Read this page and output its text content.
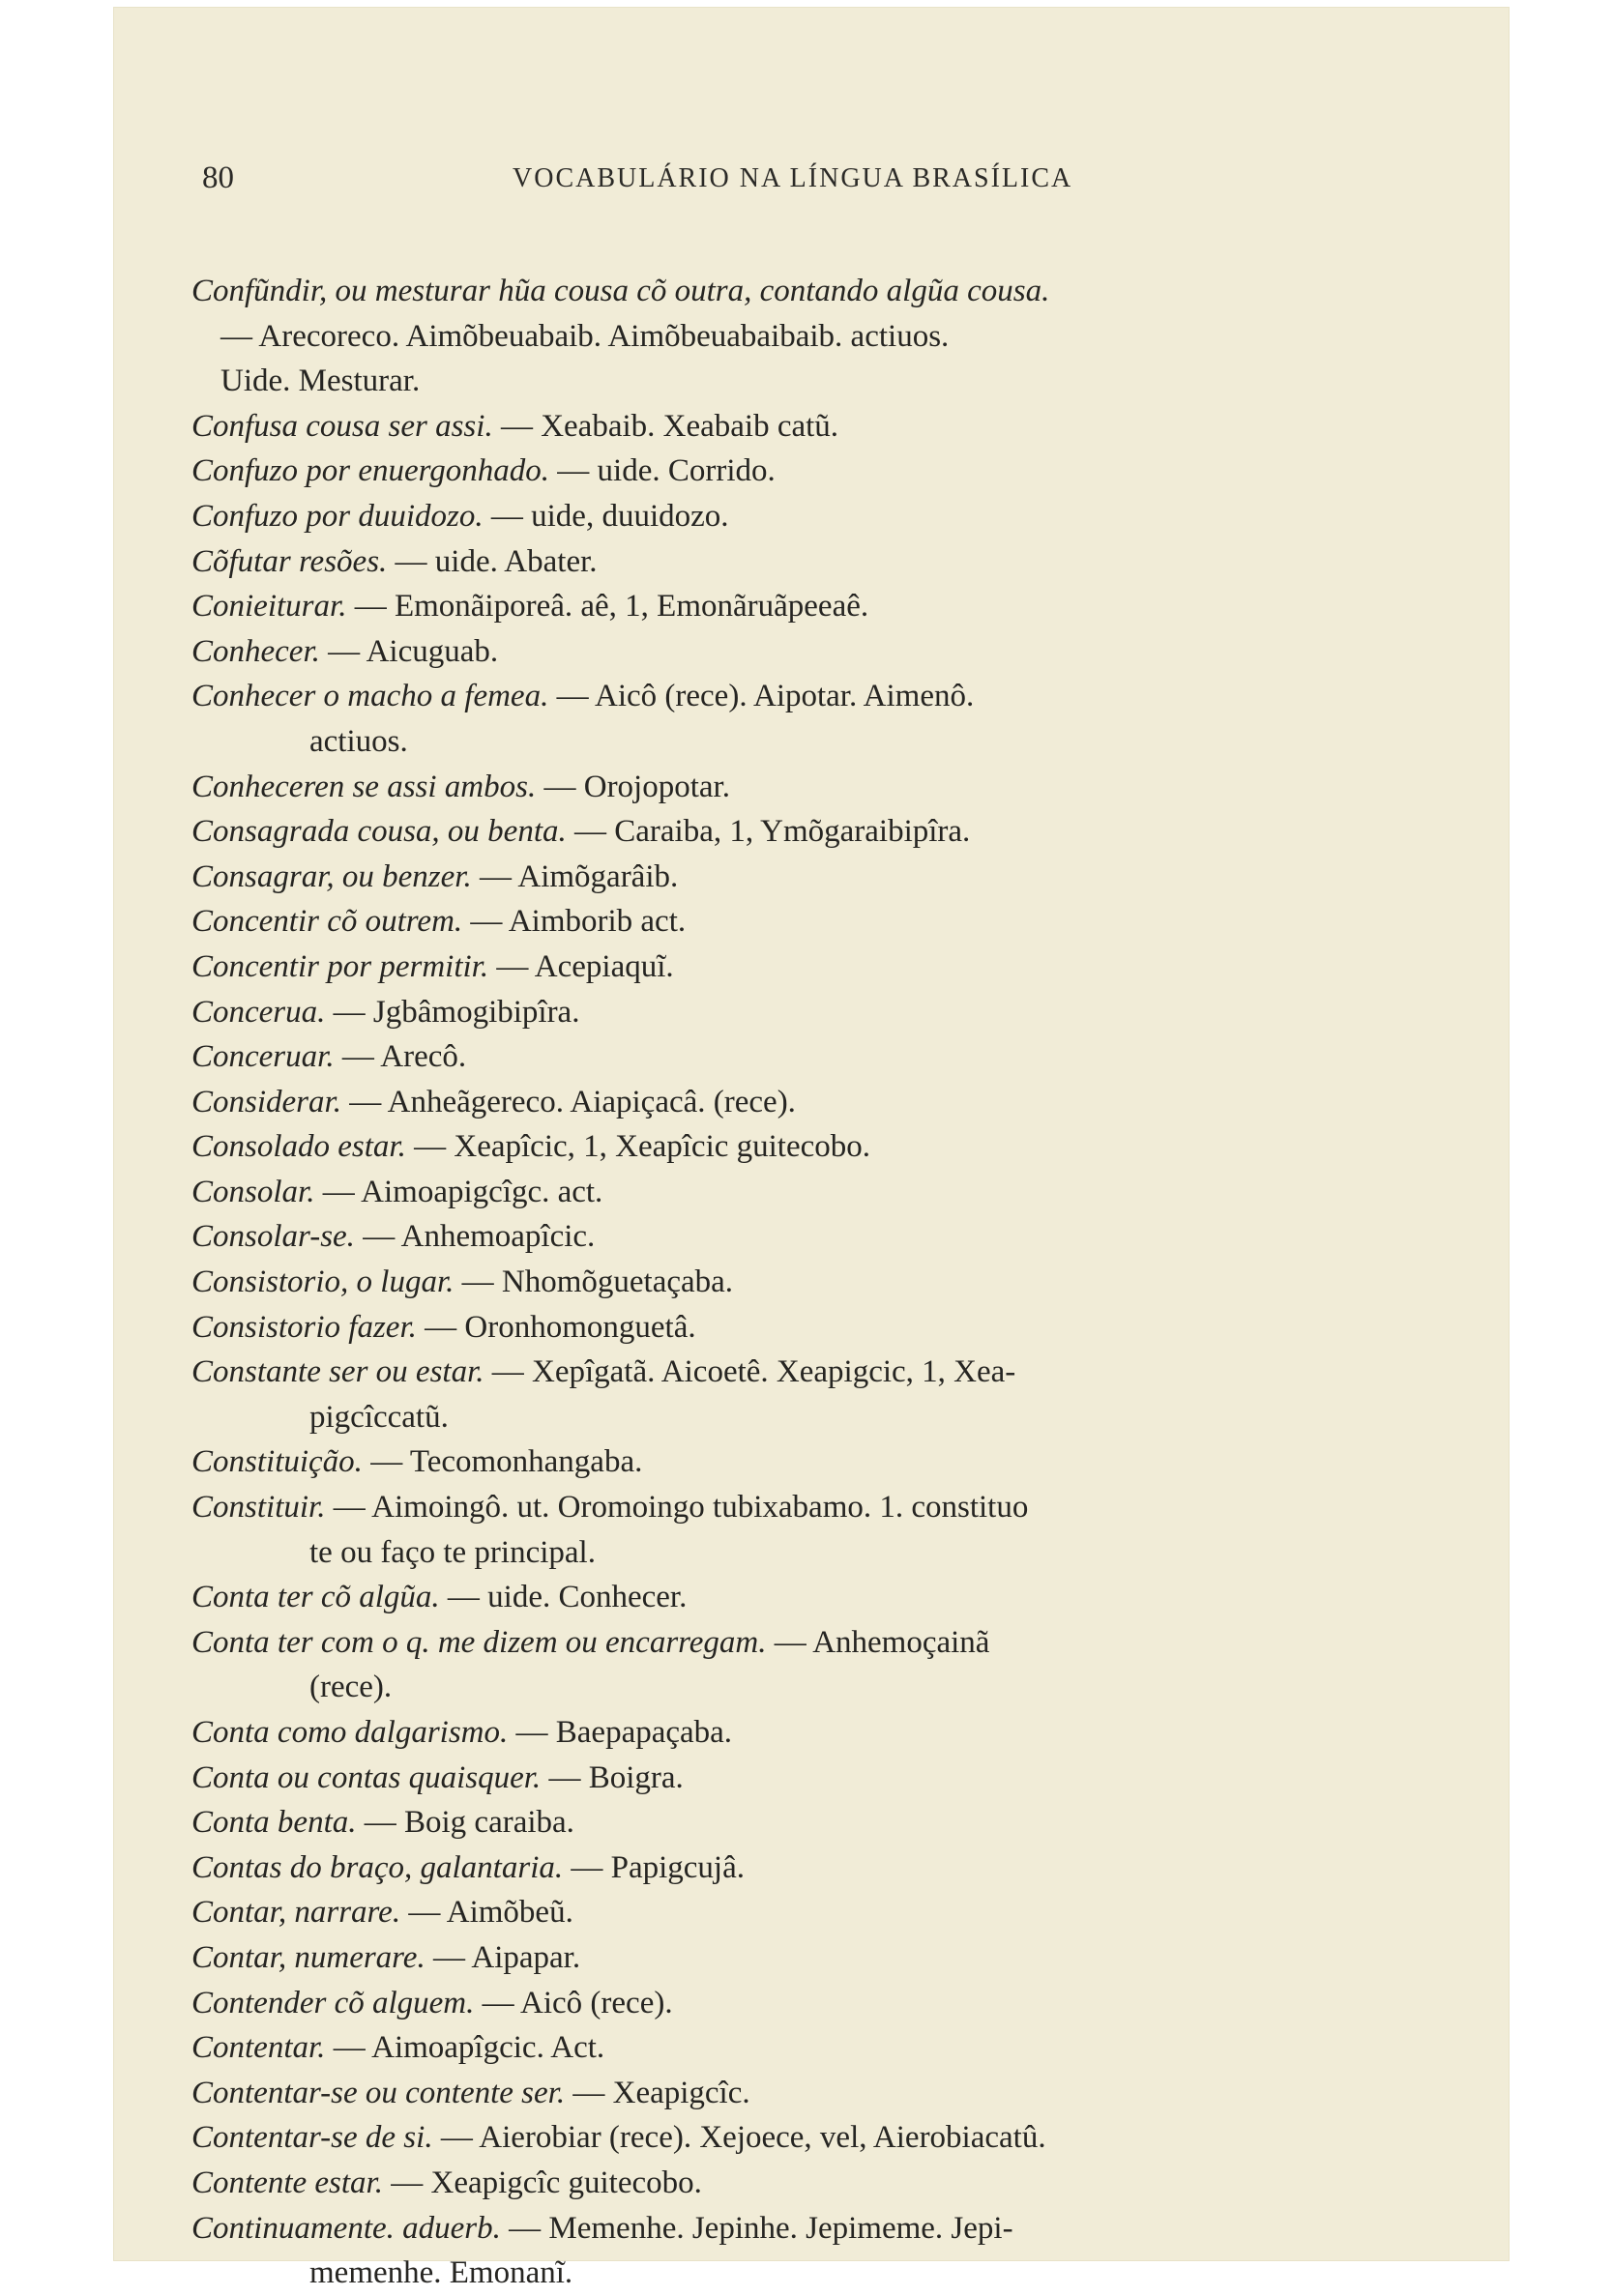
80	VOCABULÁRIO NA LÍNGUA BRASÍLICA
Confũndir, ou mesturar hũa cousa cõ outra, contando algũa cousa.
— Arecoreco. Aimõbeuabaib. Aimõbeuabaibaib. actiuos.
Uide. Mesturar.
Confusa cousa ser assi. — Xeabaib. Xeabaib catũ.
Confuzo por enuergonhado. — uide. Corrido.
Confuzo por duuidozo. — uide, duuidozo.
Cõfutar resões. — uide. Abater.
Conieiturar. — Emonãiporeâ. aê, 1, Emonãruãpeeaê.
Conhecer. — Aicuguab.
Conhecer o macho a femea. — Aicô (rece). Aipotar. Aimenô.
actiuos.
Conheceren se assi ambos. — Orojopotar.
Consagrada cousa, ou benta. — Caraiba, 1, Ymõgaraibipîra.
Consagrar, ou benzer. — Aimõgarâib.
Concentir cõ outrem. — Aimborib act.
Concentir por permitir. — Acepiaquĩ.
Concerua. — Jgbâmogibipîra.
Conceruar. — Arecô.
Considerar. — Anheãgereco. Aiapiçacâ. (rece).
Consolado estar. — Xeapîcic, 1, Xeapîcic guitecobo.
Consolar. — Aimoapigcîgc. act.
Consolar-se. — Anhemoapîcic.
Consistorio, o lugar. — Nhomõguetaçaba.
Consistorio fazer. — Oronhomonguetâ.
Constante ser ou estar. — Xepîgatã. Aicoetê. Xeapigcic, 1, Xea-
pigcîccatũ.
Constituição. — Tecomonhangaba.
Constituir. — Aimoingô. ut. Oromoingo tubixabamo. 1. constituo
te ou faço te principal.
Conta ter cõ algũa. — uide. Conhecer.
Conta ter com o q. me dizem ou encarregam. — Anhemoçainã
(rece).
Conta como dalgarismo. — Baepapaçaba.
Conta ou contas quaisquer. — Boigra.
Conta benta. — Boig caraiba.
Contas do braço, galantaria. — Papigcujâ.
Contar, narrare. — Aimõbeũ.
Contar, numerare. — Aipapar.
Contender cõ alguem. — Aicô (rece).
Contentar. — Aimoapîgcic. Act.
Contentar-se ou contente ser. — Xeapigcîc.
Contentar-se de si. — Aierobiar (rece). Xejoece, vel, Aierobiacatû.
Contente estar. — Xeapigcîc guitecobo.
Continuamente. aduerb. — Memenhe. Jepinhe. Jepimeme. Jepi-
memenhe. Emonanĩ.
